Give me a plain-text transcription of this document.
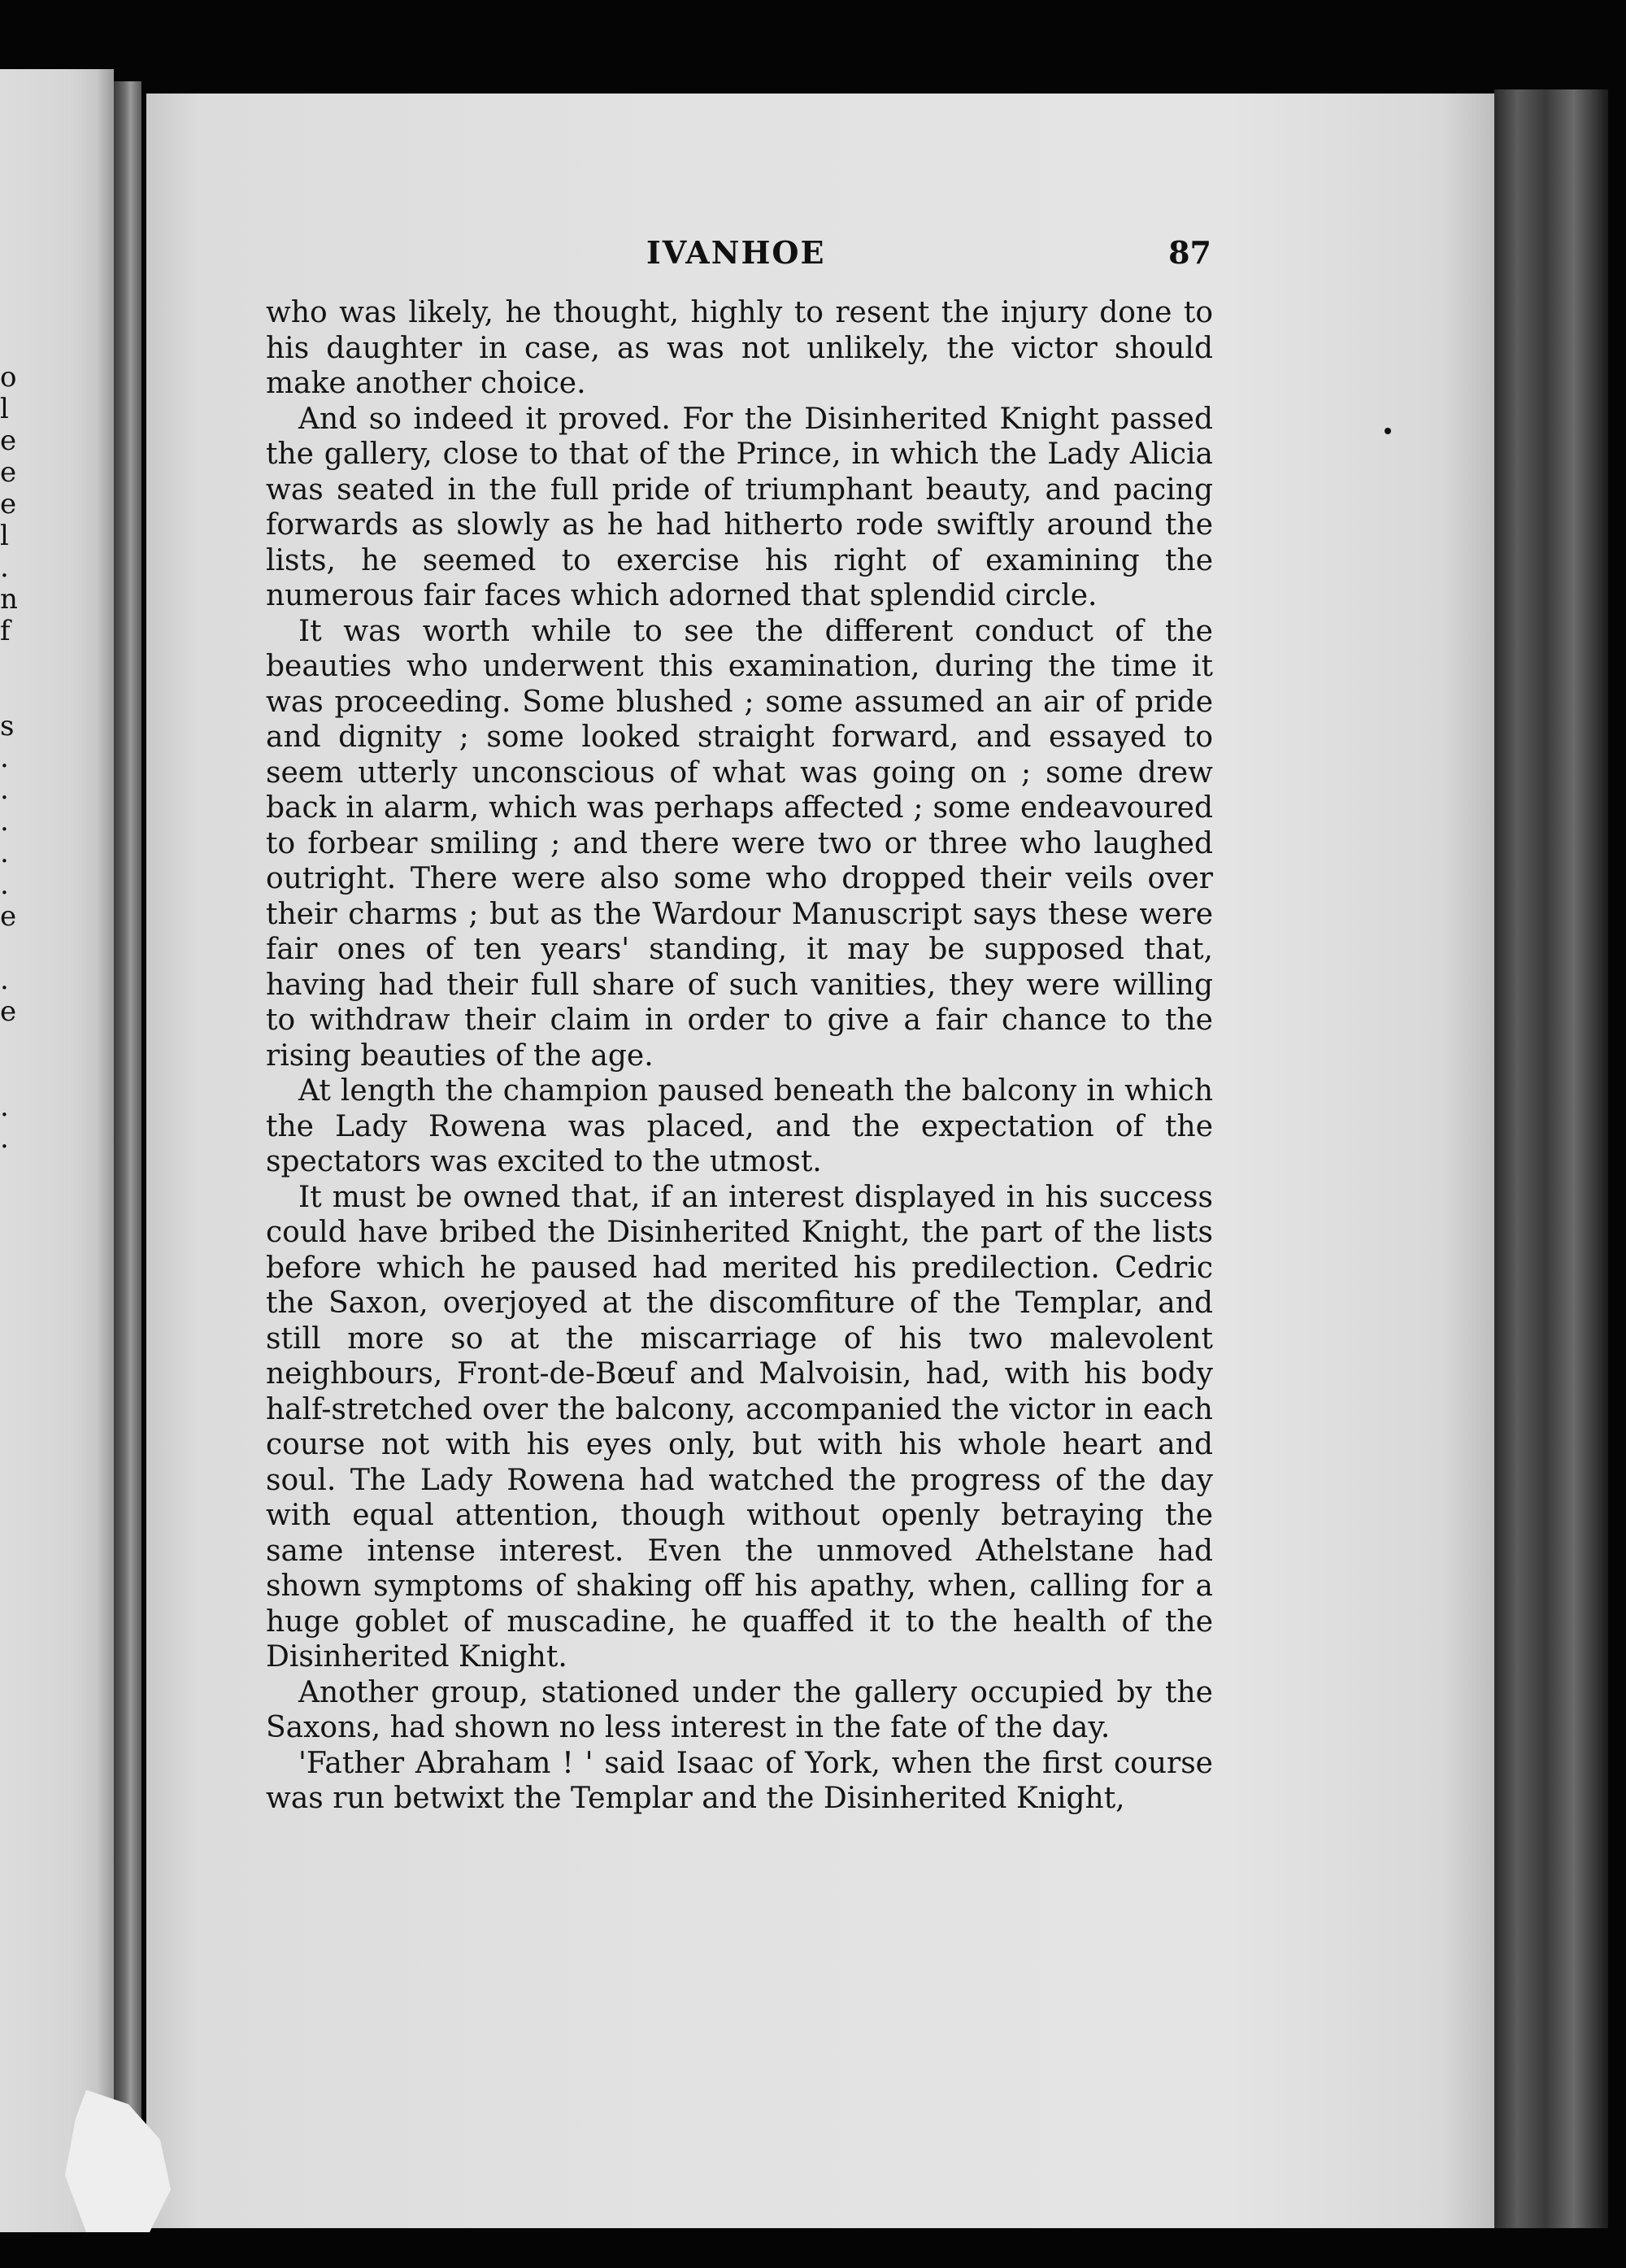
o
l
e
e
e
l
.
n
f

s
.
.
.
.
.
e

.
e

.
.
IVANHOE	87

who was likely, he thought, highly to resent the injury done to his daughter in case, as was not unlikely, the victor should make another choice.

And so indeed it proved. For the Disinherited Knight passed the gallery, close to that of the Prince, in which the Lady Alicia was seated in the full pride of triumphant beauty, and pacing forwards as slowly as he had hitherto rode swiftly around the lists, he seemed to exercise his right of examining the numerous fair faces which adorned that splendid circle.

It was worth while to see the different conduct of the beauties who underwent this examination, during the time it was proceeding. Some blushed ; some assumed an air of pride and dignity ; some looked straight forward, and essayed to seem utterly unconscious of what was going on ; some drew back in alarm, which was perhaps affected ; some endeavoured to forbear smiling ; and there were two or three who laughed outright. There were also some who dropped their veils over their charms ; but as the Wardour Manuscript says these were fair ones of ten years' standing, it may be supposed that, having had their full share of such vanities, they were willing to withdraw their claim in order to give a fair chance to the rising beauties of the age.

At length the champion paused beneath the balcony in which the Lady Rowena was placed, and the expectation of the spectators was excited to the utmost.

It must be owned that, if an interest displayed in his success could have bribed the Disinherited Knight, the part of the lists before which he paused had merited his predilection. Cedric the Saxon, overjoyed at the discomfiture of the Templar, and still more so at the miscarriage of his two malevolent neighbours, Front-de-Bœuf and Malvoisin, had, with his body half-stretched over the balcony, accompanied the victor in each course not with his eyes only, but with his whole heart and soul. The Lady Rowena had watched the progress of the day with equal attention, though without openly betraying the same intense interest. Even the unmoved Athelstane had shown symptoms of shaking off his apathy, when, calling for a huge goblet of muscadine, he quaffed it to the health of the Disinherited Knight.

Another group, stationed under the gallery occupied by the Saxons, had shown no less interest in the fate of the day.

'Father Abraham ! ' said Isaac of York, when the first course was run betwixt the Templar and the Disinherited Knight,
